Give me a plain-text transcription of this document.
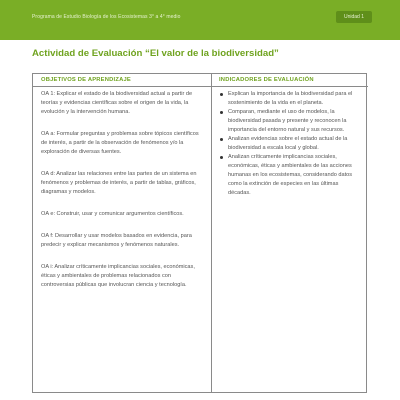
Programa de Estudio Biología de los Ecosistemas 3° a 4° medio	Unidad 1
Actividad de Evaluación “El valor de la biodiversidad”
OBJETIVOS DE APRENDIZAJE

OA 1: Explicar el estado de la biodiversidad actual a partir de teorías y evidencias científicas sobre el origen de la vida, la evolución y la intervención humana.

OA a: Formular preguntas y problemas sobre tópicos científicos de interés, a partir de la observación de fenómenos y/o la exploración de diversas fuentes.

OA d: Analizar las relaciones entre las partes de un sistema en fenómenos y problemas de interés, a partir de tablas, gráficos, diagramas y modelos.

OA e: Construir, usar y comunicar argumentos científicos.

OA f: Desarrollar y usar modelos basados en evidencia, para predecir y explicar mecanismos y fenómenos naturales.

OA i: Analizar críticamente implicancias sociales, económicas, éticas y ambientales de problemas relacionados con controversias públicas que involucran ciencia y tecnología.

INDICADORES DE EVALUACIÓN
Explican la importancia de la biodiversidad para el sostenimiento de la vida en el planeta.
Comparan, mediante el uso de modelos, la biodiversidad pasada y presente y reconocen la importancia del entorno natural y sus recursos.
Analizan evidencias sobre el estado actual de la biodiversidad a escala local y global.
Analizan críticamente implicancias sociales, económicas, éticas y ambientales de las acciones humanas en los ecosistemas, considerando datos como la extinción de especies en las últimas décadas.
